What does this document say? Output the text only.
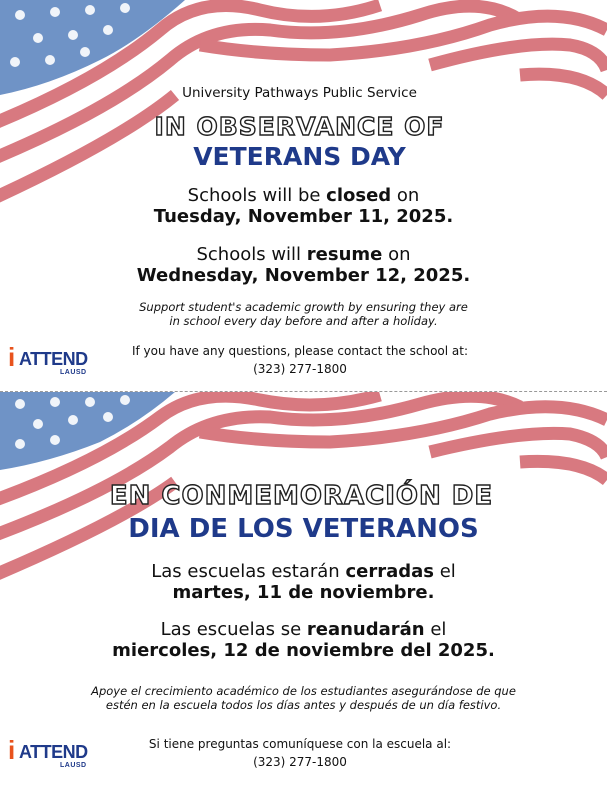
University Pathways Public Service
IN OBSERVANCE OF
VETERANS DAY
Schools will be closed on
Tuesday, November 11, 2025.
Schools will resume on
Wednesday, November 12, 2025.
Support student's academic growth by ensuring they are
in school every day before and after a holiday.
If you have any questions, please contact the school at:
(323) 277-1800
i ATTEND
LAUSD
EN CONMEMORACIÓN DE
DIA DE LOS VETERANOS
Las escuelas estarán cerradas el
martes, 11 de noviembre.
Las escuelas se reanudarán el
miercoles, 12 de noviembre del 2025.
Apoye el crecimiento académico de los estudiantes asegurándose de que
estén en la escuela todos los días antes y después de un día festivo.
Si tiene preguntas comuníquese con la escuela al:
(323) 277-1800
i ATTEND
LAUSD
